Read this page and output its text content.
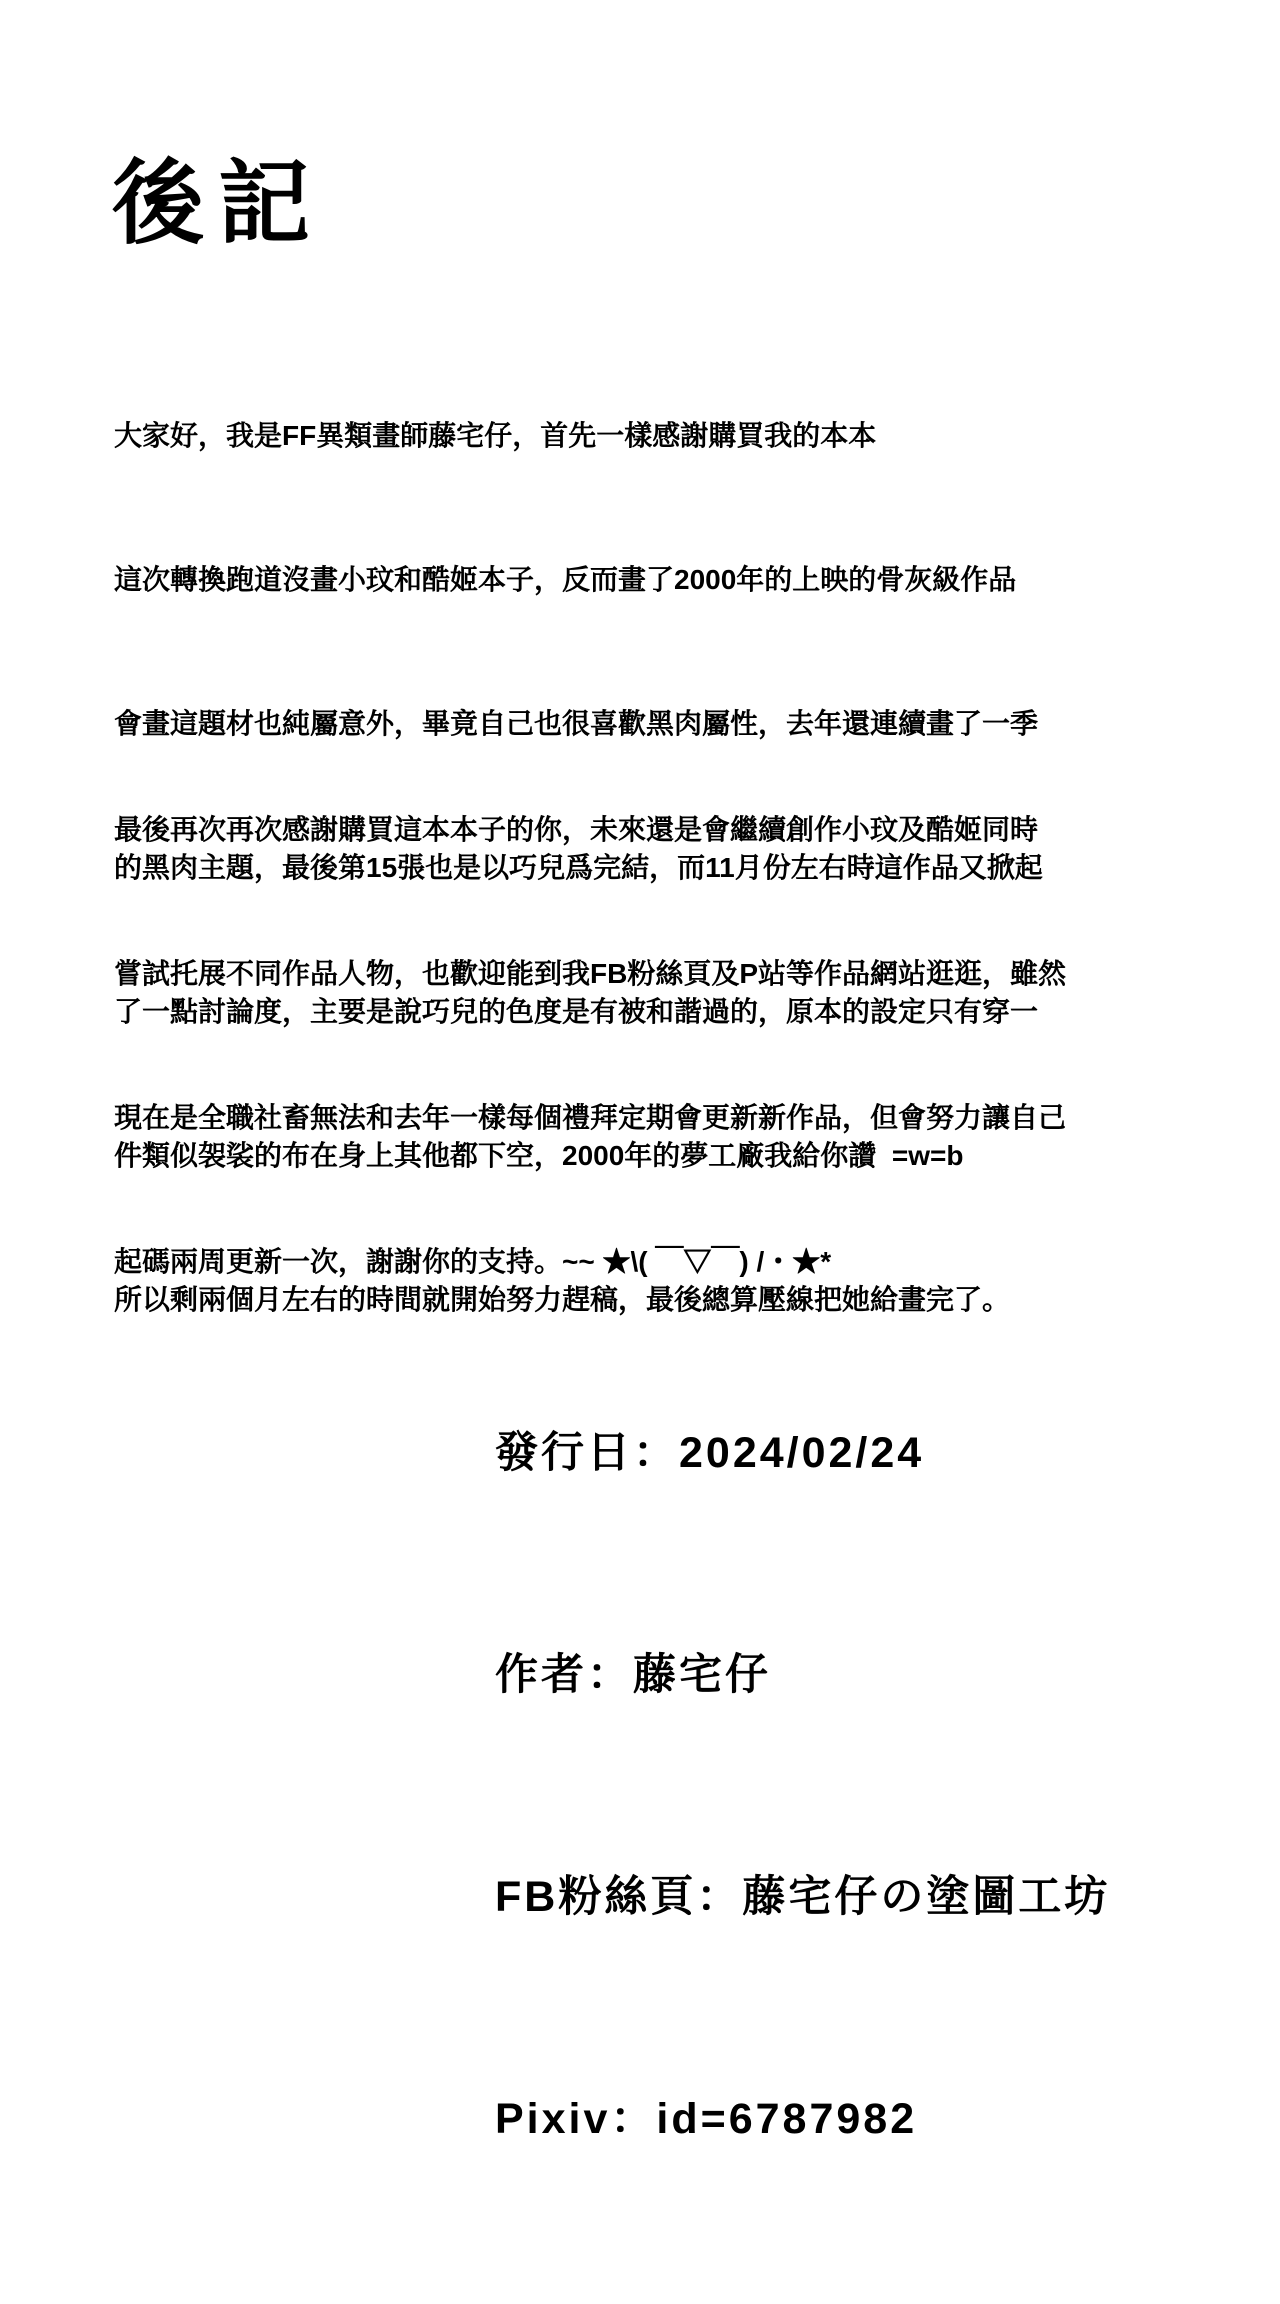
後記

大家好，我是FF異類畫師藤宅仔，首先一樣感謝購買我的本本

這次轉換跑道沒畫小玟和酷姬本子，反而畫了2000年的上映的骨灰級作品

會畫這題材也純屬意外，畢竟自己也很喜歡黑肉屬性，去年還連續畫了一季

的黑肉主題，最後第15張也是以巧兒爲完結，而11月份左右時這作品又掀起

了一點討論度，主要是說巧兒的色度是有被和諧過的，原本的設定只有穿一

件類似袈裟的布在身上其他都下空，2000年的夢工廠我給你讚  =w=b

所以剩兩個月左右的時間就開始努力趕稿，最後總算壓線把她給畫完了。

最後再次再次感謝購買這本本子的你，未來還是會繼續創作小玟及酷姬同時

嘗試托展不同作品人物，也歡迎能到我FB粉絲頁及P站等作品網站逛逛，雖然

現在是全職社畜無法和去年一樣每個禮拜定期會更新新作品，但會努力讓自己

起碼兩周更新一次，謝謝你的支持。~~ ★\( ￣▽￣) /・★*

發行日：2024/02/24

作者：藤宅仔

FB粉絲頁：藤宅仔の塗圖工坊

Pixiv：id=6787982
